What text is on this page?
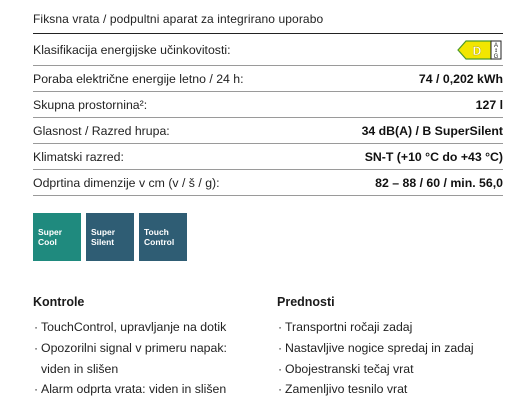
Fiksna vrata / podpultni aparat za integrirano uporabo
Klasifikacija energijske učinkovitosti:	D A
↕
G
Poraba električne energije letno / 24 h:	74 / 0,202 kWh
Skupna prostornina²:	127 l
Glasnost / Razred hrupa:	34 dB(A) / B SuperSilent
Klimatski razred:	SN-T (+10 °C do +43 °C)
Odprtina dimenzije v cm (v / š / g):	82 – 88 / 60 / min. 56,0
Super
Cool
Super
Silent
Touch
Control
Kontrole
· TouchControl, upravljanje na dotik
· Opozorilni signal v primeru napak:
viden in slišen
· Alarm odprta vrata: viden in slišen
Prednosti
· Transportni ročaji zadaj
· Nastavljive nogice spredaj in zadaj
· Obojestranski tečaj vrat
· Zamenljivo tesnilo vrat
